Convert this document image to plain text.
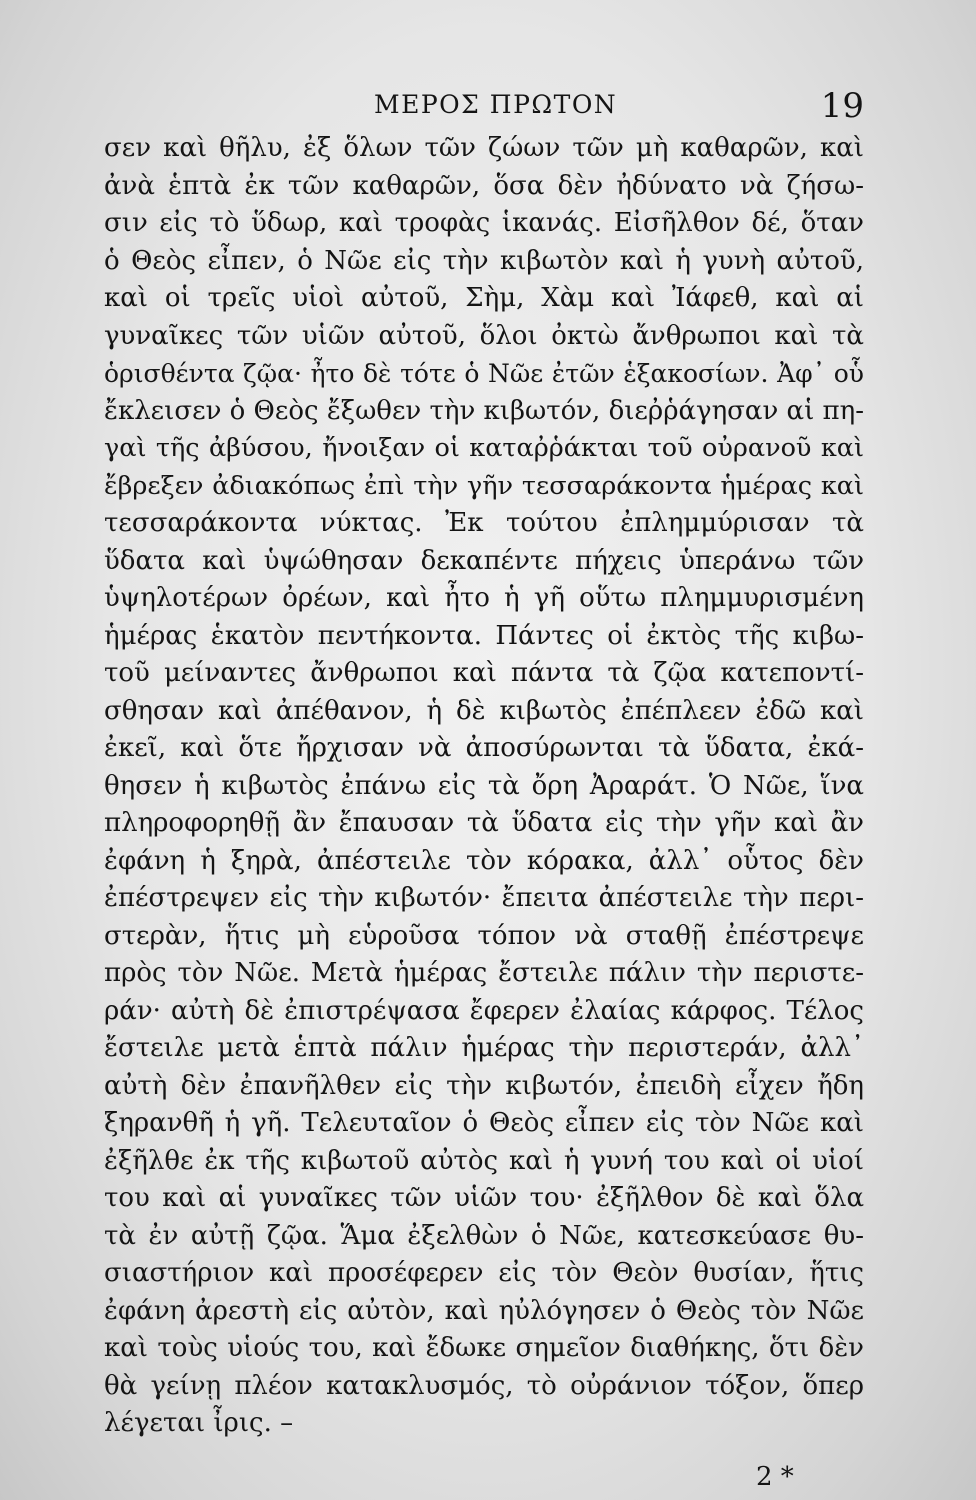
ΜΕΡΟΣ ΠΡΩΤΟΝ	19
σεν καὶ θῆλυ, ἐξ ὅλων τῶν ζώων τῶν μὴ καθαρῶν, καὶ
ἀνὰ ἑπτὰ ἐκ τῶν καθαρῶν, ὅσα δὲν ἠδύνατο νὰ ζήσω-
σιν εἰς τὸ ὕδωρ, καὶ τροφὰς ἱκανάς. Εἰσῆλθον δέ, ὅταν
ὁ Θεὸς εἶπεν, ὁ Νῶε εἰς τὴν κιβωτὸν καὶ ἡ γυνὴ αὐτοῦ,
καὶ οἱ τρεῖς υἱοὶ αὐτοῦ, Σὴμ, Χὰμ καὶ Ἰάφεθ, καὶ αἱ
γυναῖκες τῶν υἱῶν αὐτοῦ, ὅλοι ὀκτὼ ἄνθρωποι καὶ τὰ
ὁρισθέντα ζῷα· ἦτο δὲ τότε ὁ Νῶε ἐτῶν ἑξακοσίων. Ἀφ᾽ οὗ
ἔκλεισεν ὁ Θεὸς ἔξωθεν τὴν κιβωτόν, διεῤῥάγησαν αἱ πη-
γαὶ τῆς ἀβύσου, ἤνοιξαν οἱ καταῤῥάκται τοῦ οὐρανοῦ καὶ
ἔβρεξεν ἀδιακόπως ἐπὶ τὴν γῆν τεσσαράκοντα ἡμέρας καὶ
τεσσαράκοντα νύκτας. Ἐκ τούτου ἐπλημμύρισαν τὰ
ὕδατα καὶ ὑψώθησαν δεκαπέντε πήχεις ὑπεράνω τῶν
ὑψηλοτέρων ὀρέων, καὶ ἦτο ἡ γῆ οὕτω πλημμυρισμένη
ἡμέρας ἑκατὸν πεντήκοντα. Πάντες οἱ ἐκτὸς τῆς κιβω-
τοῦ μείναντες ἄνθρωποι καὶ πάντα τὰ ζῷα κατεποντί-
σθησαν καὶ ἀπέθανον, ἡ δὲ κιβωτὸς ἐπέπλεεν ἐδῶ καὶ
ἐκεῖ, καὶ ὅτε ἤρχισαν νὰ ἀποσύρωνται τὰ ὕδατα, ἐκά-
θησεν ἡ κιβωτὸς ἐπάνω εἰς τὰ ὄρη Ἀραράτ. Ὁ Νῶε, ἵνα
πληροφορηθῇ ἂν ἔπαυσαν τὰ ὕδατα εἰς τὴν γῆν καὶ ἂν
ἐφάνη ἡ ξηρὰ, ἀπέστειλε τὸν κόρακα, ἀλλ᾽ οὗτος δὲν
ἐπέστρεψεν εἰς τὴν κιβωτόν· ἔπειτα ἀπέστειλε τὴν περι-
στερὰν, ἥτις μὴ εὑροῦσα τόπον νὰ σταθῇ ἐπέστρεψε
πρὸς τὸν Νῶε. Μετὰ ἡμέρας ἔστειλε πάλιν τὴν περιστε-
ράν· αὐτὴ δὲ ἐπιστρέψασα ἔφερεν ἐλαίας κάρφος. Τέλος
ἔστειλε μετὰ ἑπτὰ πάλιν ἡμέρας τὴν περιστεράν, ἀλλ᾽
αὐτὴ δὲν ἐπανῆλθεν εἰς τὴν κιβωτόν, ἐπειδὴ εἶχεν ἤδη
ξηρανθῆ ἡ γῆ. Τελευταῖον ὁ Θεὸς εἶπεν εἰς τὸν Νῶε καὶ
ἐξῆλθε ἐκ τῆς κιβωτοῦ αὐτὸς καὶ ἡ γυνή του καὶ οἱ υἱοί
του καὶ αἱ γυναῖκες τῶν υἱῶν του· ἐξῆλθον δὲ καὶ ὅλα
τὰ ἐν αὐτῇ ζῷα. Ἅμα ἐξελθὼν ὁ Νῶε, κατεσκεύασε θυ-
σιαστήριον καὶ προσέφερεν εἰς τὸν Θεὸν θυσίαν, ἥτις
ἐφάνη ἀρεστὴ εἰς αὐτὸν, καὶ ηὐλόγησεν ὁ Θεὸς τὸν Νῶε
καὶ τοὺς υἱούς του, καὶ ἔδωκε σημεῖον διαθήκης, ὅτι δὲν
θὰ γείνῃ πλέον κατακλυσμός, τὸ οὐράνιον τόξον, ὅπερ
λέγεται ἶρις. –
2 *
